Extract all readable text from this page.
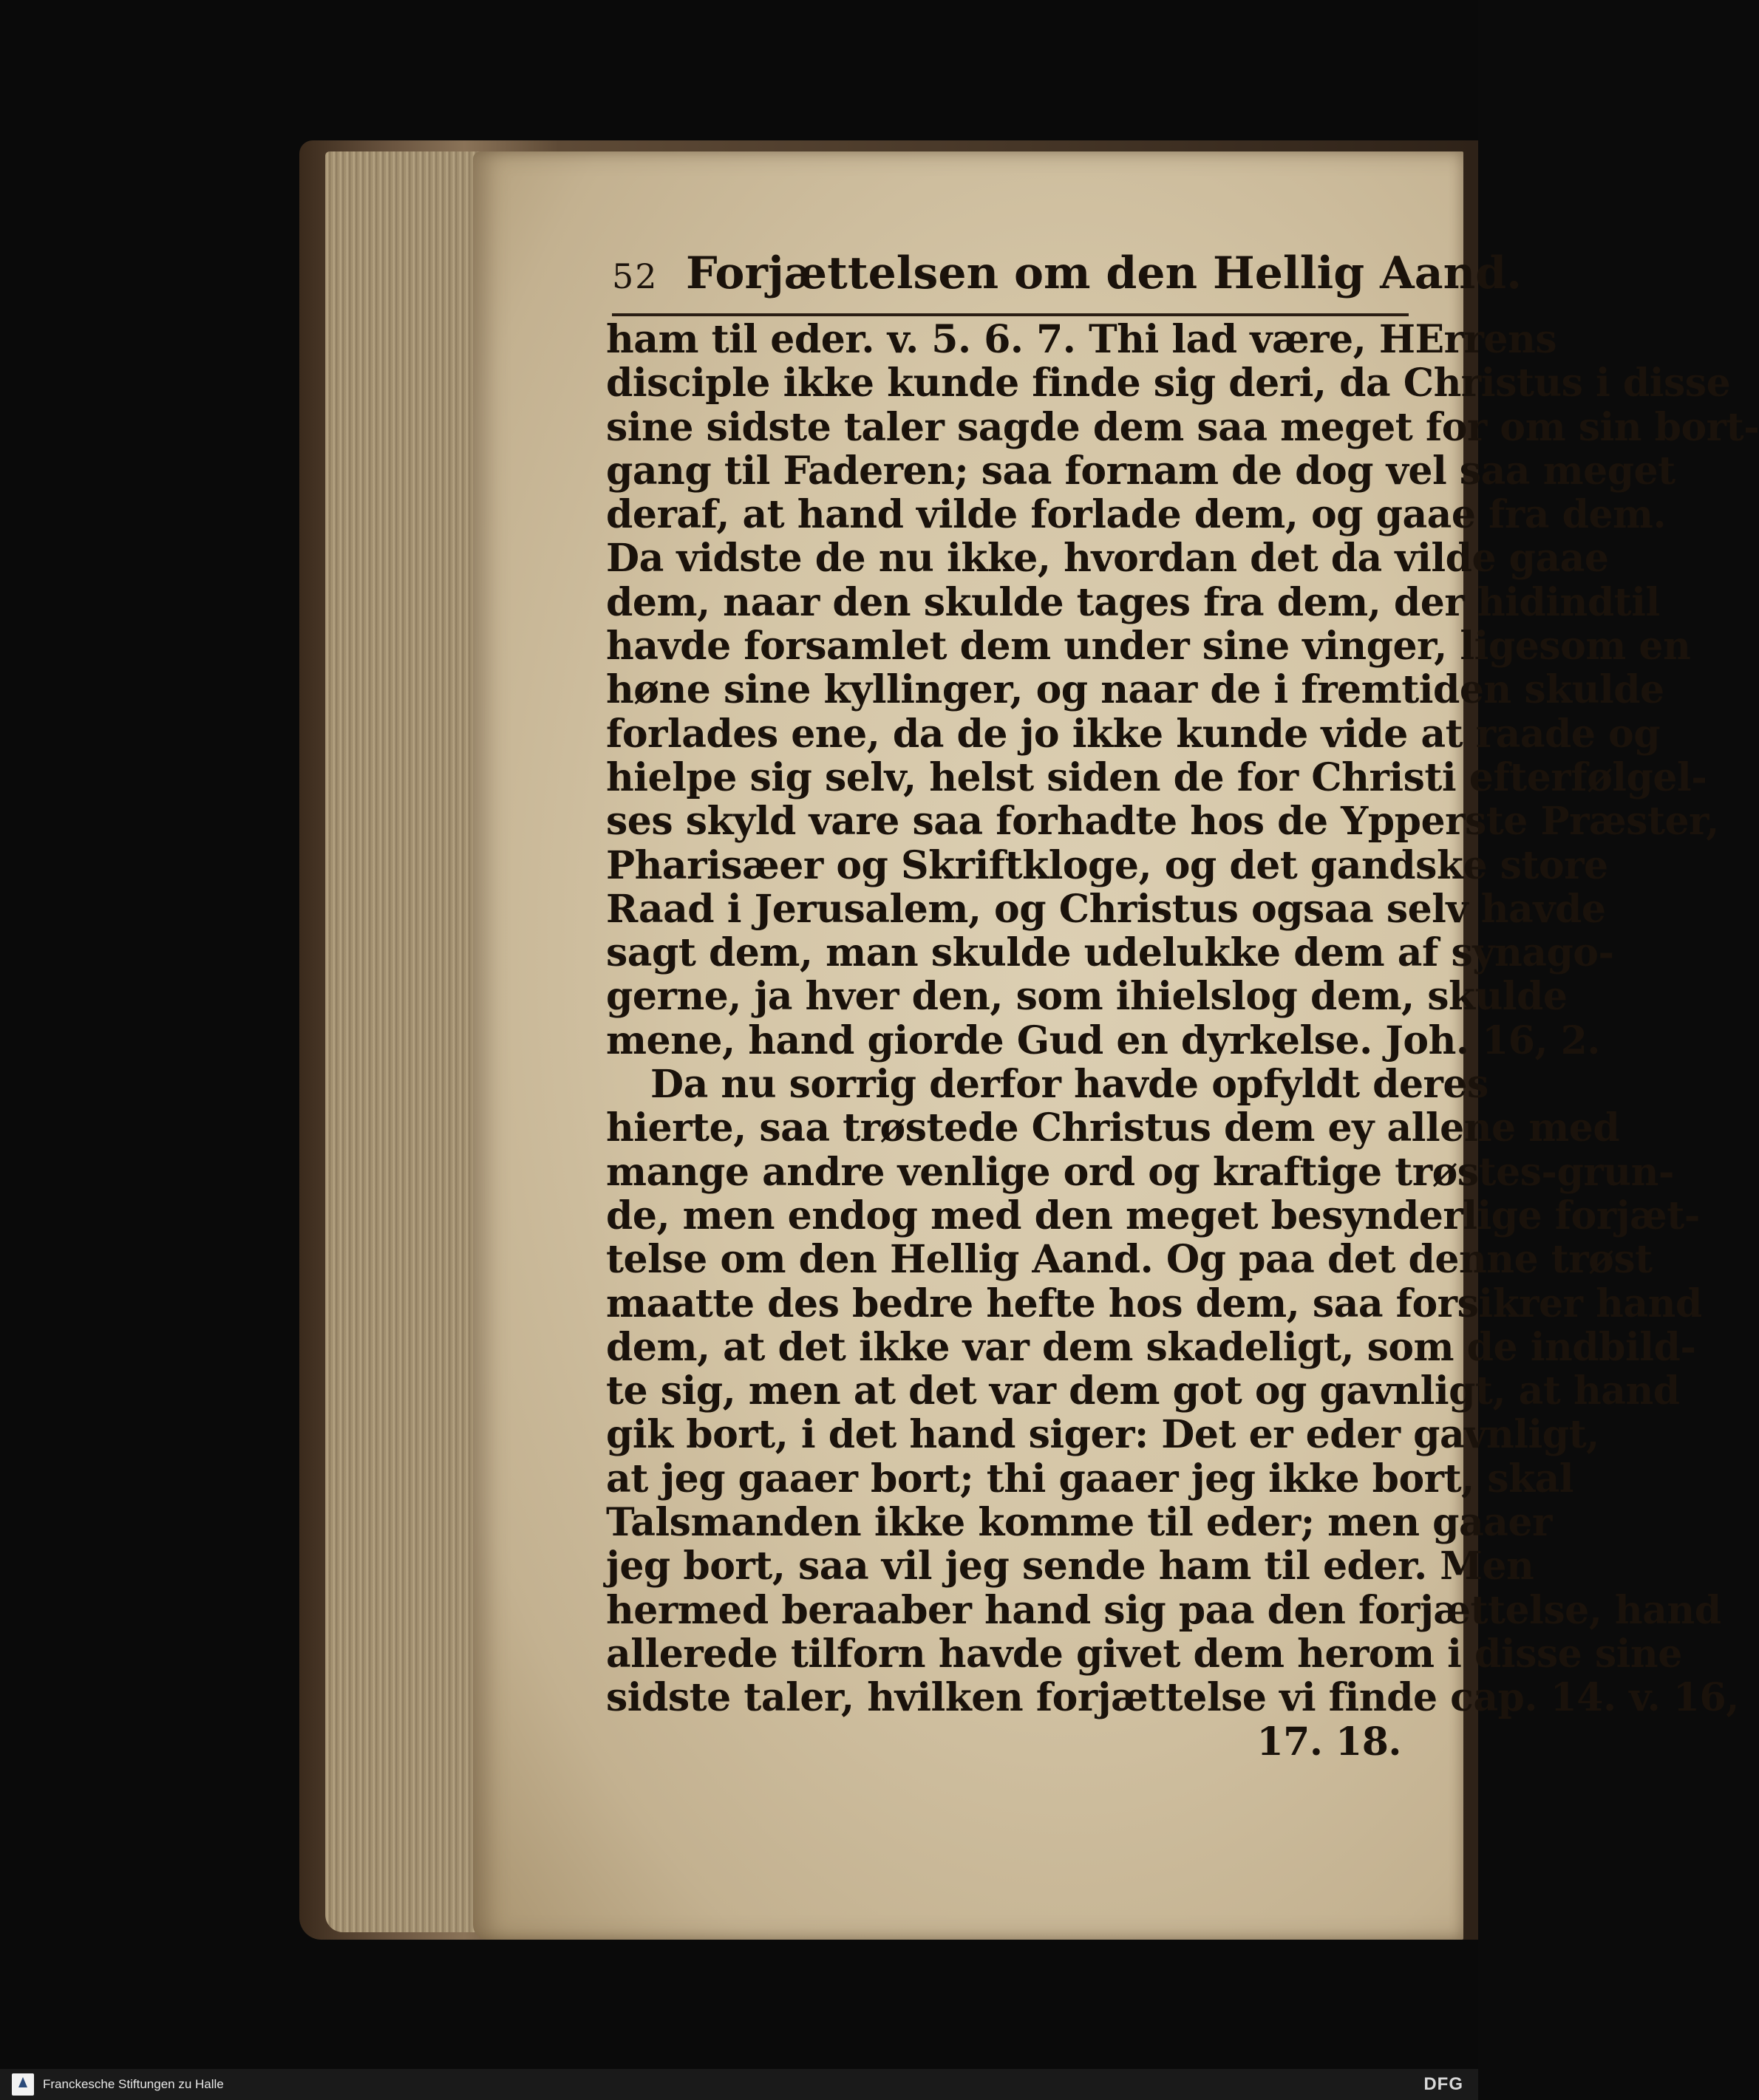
52 Forjættelsen om den Hellig Aand.
ham til eder. v. 5. 6. 7. Thi lad være, HErrens
disciple ikke kunde finde sig deri, da Christus i disse
sine sidste taler sagde dem saa meget for om sin bort-
gang til Faderen; saa fornam de dog vel saa meget
deraf, at hand vilde forlade dem, og gaae fra dem.
Da vidste de nu ikke, hvordan det da vilde gaae
dem, naar den skulde tages fra dem, der hidindtil
havde forsamlet dem under sine vinger, ligesom en
høne sine kyllinger, og naar de i fremtiden skulde
forlades ene, da de jo ikke kunde vide at raade og
hielpe sig selv, helst siden de for Christi efterfølgel-
ses skyld vare saa forhadte hos de Ypperste Præster,
Pharisæer og Skriftkloge, og det gandske store
Raad i Jerusalem, og Christus ogsaa selv havde
sagt dem, man skulde udelukke dem af synago-
gerne, ja hver den, som ihielslog dem, skulde
mene, hand giorde Gud en dyrkelse. Joh. 16, 2.
Da nu sorrig derfor havde opfyldt deres
hierte, saa trøstede Christus dem ey allene med
mange andre venlige ord og kraftige trøstes-grun-
de, men endog med den meget besynderlige forjæt-
telse om den Hellig Aand. Og paa det denne trøst
maatte des bedre hefte hos dem, saa forsikrer hand
dem, at det ikke var dem skadeligt, som de indbild-
te sig, men at det var dem got og gavnligt, at hand
gik bort, i det hand siger: Det er eder gavnligt,
at jeg gaaer bort; thi gaaer jeg ikke bort, skal
Talsmanden ikke komme til eder; men gaaer
jeg bort, saa vil jeg sende ham til eder. Men
hermed beraaber hand sig paa den forjættelse, hand
allerede tilforn havde givet dem herom i disse sine
sidste taler, hvilken forjættelse vi finde cap. 14. v. 16,
17. 18.
Franckesche Stiftungen zu Halle	DFG
